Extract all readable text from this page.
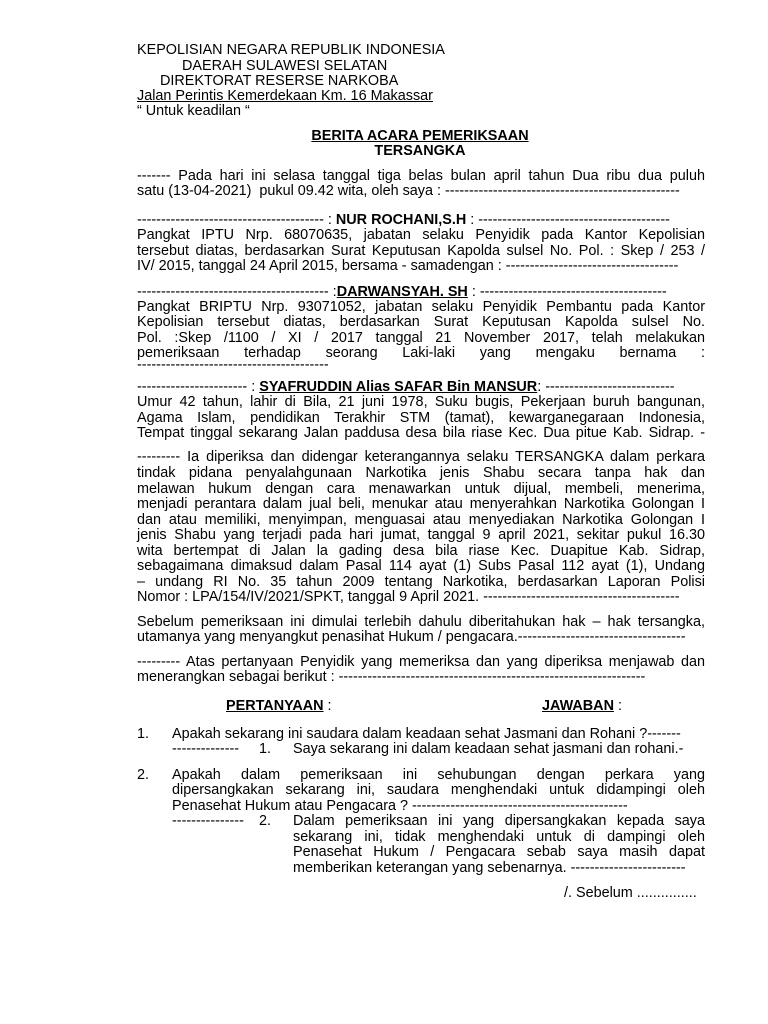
KEPOLISIAN NEGARA REPUBLIK INDONESIA
DAERAH SULAWESI SELATAN
DIREKTORAT RESERSE NARKOBA
Jalan Perintis Kemerdekaan Km. 16 Makassar
“ Untuk keadilan “
BERITA ACARA PEMERIKSAAN
TERSANGKA
------- Pada hari ini selasa tanggal tiga belas bulan april tahun Dua ribu dua puluh
satu (13-04-2021)  pukul 09.42 wita, oleh saya : -------------------------------------------------
--------------------------------------- : NUR ROCHANI,S.H : ----------------------------------------
Pangkat IPTU Nrp. 68070635, jabatan selaku Penyidik pada Kantor Kepolisian
tersebut diatas, berdasarkan Surat Keputusan Kapolda sulsel No. Pol. : Skep / 253 /
IV/ 2015, tanggal 24 April 2015, bersama - samadengan : ------------------------------------
---------------------------------------- :DARWANSYAH. SH : ---------------------------------------
Pangkat BRIPTU Nrp. 93071052, jabatan selaku Penyidik Pembantu pada Kantor
Kepolisian tersebut diatas, berdasarkan Surat Keputusan Kapolda sulsel No.
Pol. :Skep /1100 / XI / 2017 tanggal 21 November 2017, telah melakukan
pemeriksaan terhadap seorang Laki-laki yang mengaku bernama :
----------------------------------------
----------------------- : SYAFRUDDIN Alias SAFAR Bin MANSUR: ---------------------------
Umur 42 tahun, lahir di Bila, 21 juni 1978, Suku bugis, Pekerjaan buruh bangunan,
Agama Islam, pendidikan Terakhir STM (tamat), kewarganegaraan Indonesia,
Tempat tinggal sekarang Jalan paddusa desa bila riase Kec. Dua pitue Kab. Sidrap. -
--------- Ia diperiksa dan didengar keterangannya selaku TERSANGKA dalam perkara
tindak pidana penyalahgunaan Narkotika jenis Shabu secara tanpa hak dan
melawan hukum dengan cara menawarkan untuk dijual, membeli, menerima,
menjadi perantara dalam jual beli, menukar atau menyerahkan Narkotika Golongan I
dan atau memiliki, menyimpan, menguasai atau menyediakan Narkotika Golongan I
jenis Shabu yang terjadi pada hari jumat, tanggal 9 april 2021, sekitar pukul 16.30
wita bertempat di Jalan la gading desa bila riase Kec. Duapitue Kab. Sidrap,
sebagaimana dimaksud dalam Pasal 114 ayat (1) Subs Pasal 112 ayat (1), Undang
– undang RI No. 35 tahun 2009 tentang Narkotika, berdasarkan Laporan Polisi
Nomor : LPA/154/IV/2021/SPKT, tanggal 9 April 2021. -----------------------------------------
Sebelum pemeriksaan ini dimulai terlebih dahulu diberitahukan hak – hak tersangka,
utamanya yang menyangkut penasihat Hukum / pengacara.-----------------------------------
--------- Atas pertanyaan Penyidik yang memeriksa dan yang diperiksa menjawab dan
menerangkan sebagai berikut : ----------------------------------------------------------------
PERTANYAAN :	JAWABAN :
1. Apakah sekarang ini saudara dalam keadaan sehat Jasmani dan Rohani ?-------
-------------- 1. Saya sekarang ini dalam keadaan sehat jasmani dan rohani.-
2. Apakah dalam pemeriksaan ini sehubungan dengan perkara yang
dipersangkakan sekarang ini, saudara menghendaki untuk didampingi oleh
Penasehat Hukum atau Pengacara ? ---------------------------------------------
--------------- 2. Dalam pemeriksaan ini yang dipersangkakan kepada saya
sekarang ini, tidak menghendaki untuk di dampingi oleh
Penasehat Hukum / Pengacara sebab saya masih dapat
memberikan keterangan yang sebenarnya. ------------------------
/. Sebelum ...............
